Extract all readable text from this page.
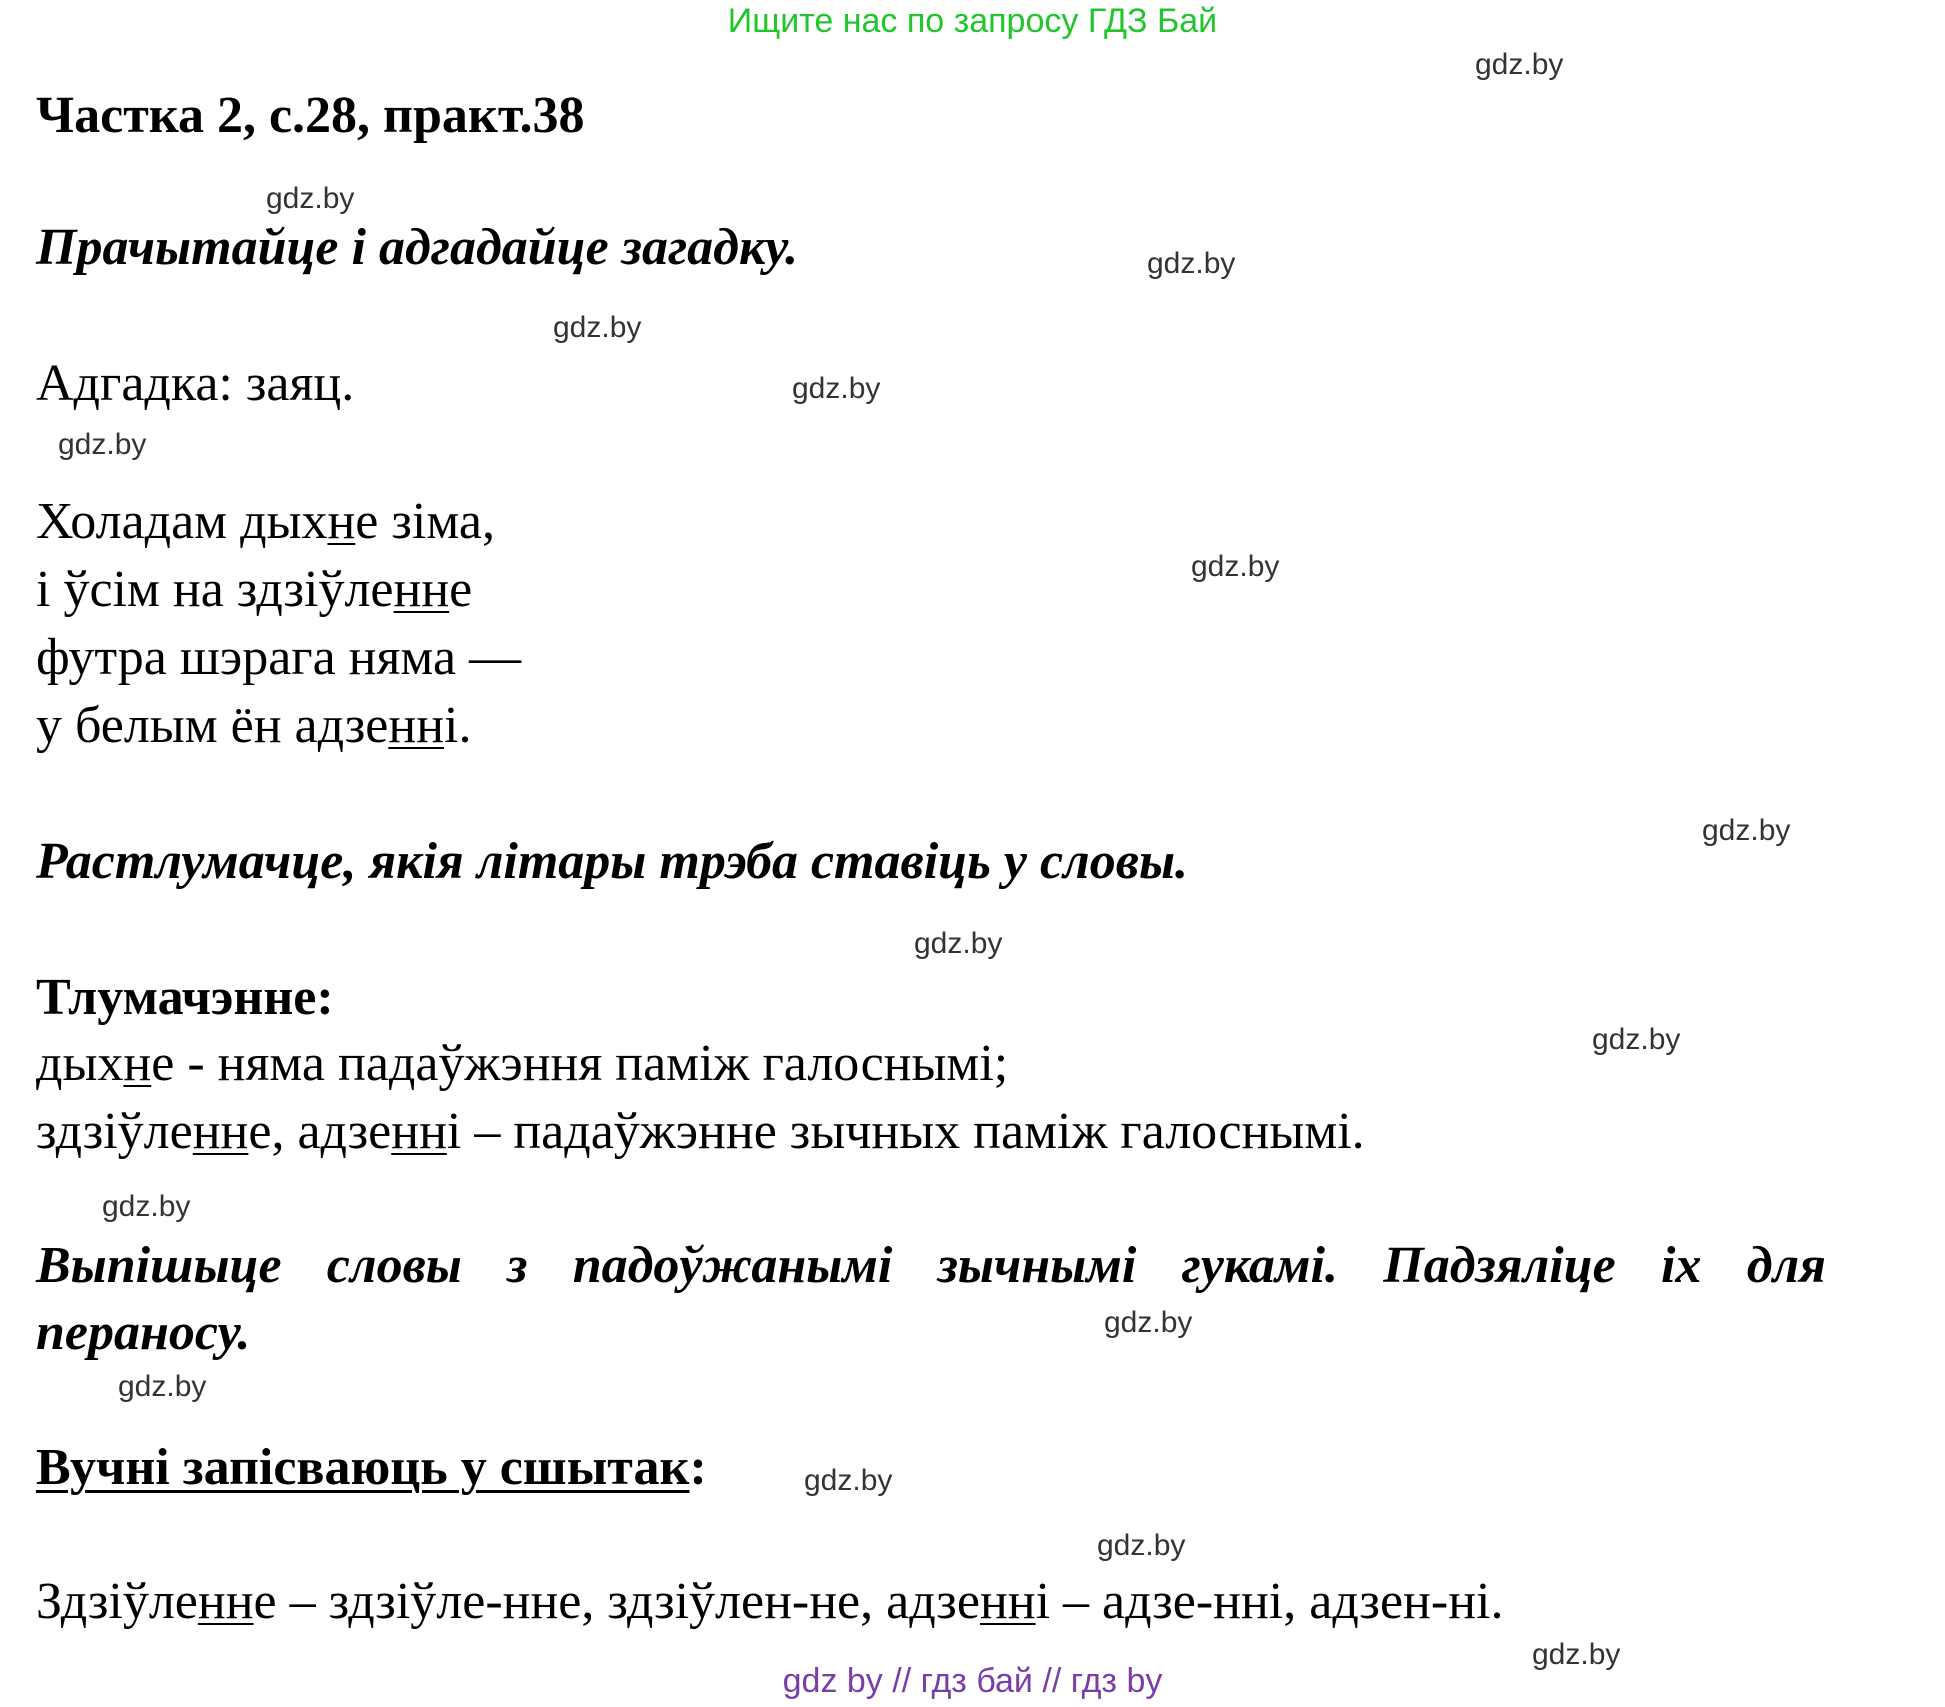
Ищите нас по запросу ГДЗ Бай
Частка 2, с.28, практ.38
Прачытайце і адгадайце загадку.
Адгадка: заяц.
Холадам дыхне зіма,
і ўсім на здзіўленне
футра шэрага няма —
у белым ён адзенні.
Растлумачце, якія літары трэба ставіць у словы.
Тлумачэнне:
дыхне - няма падаўжэння паміж галоснымі;
здзіўленне, адзенні – падаўжэнне зычных паміж галоснымі.
Выпішыце словы з падоўжанымі зычнымі гукамі. Падзяліце іх для
пераносу.
Вучні запісваюць у сшытак:
Здзіўленне – здзіўле-нне, здзіўлен-не, адзенні – адзе-нні, адзен-ні.
gdz.by
gdz.by
gdz.by
gdz.by
gdz.by
gdz.by
gdz.by
gdz.by
gdz.by
gdz.by
gdz.by
gdz.by
gdz.by
gdz.by
gdz.by
gdz.by
gdz by // гдз бай // гдз by
